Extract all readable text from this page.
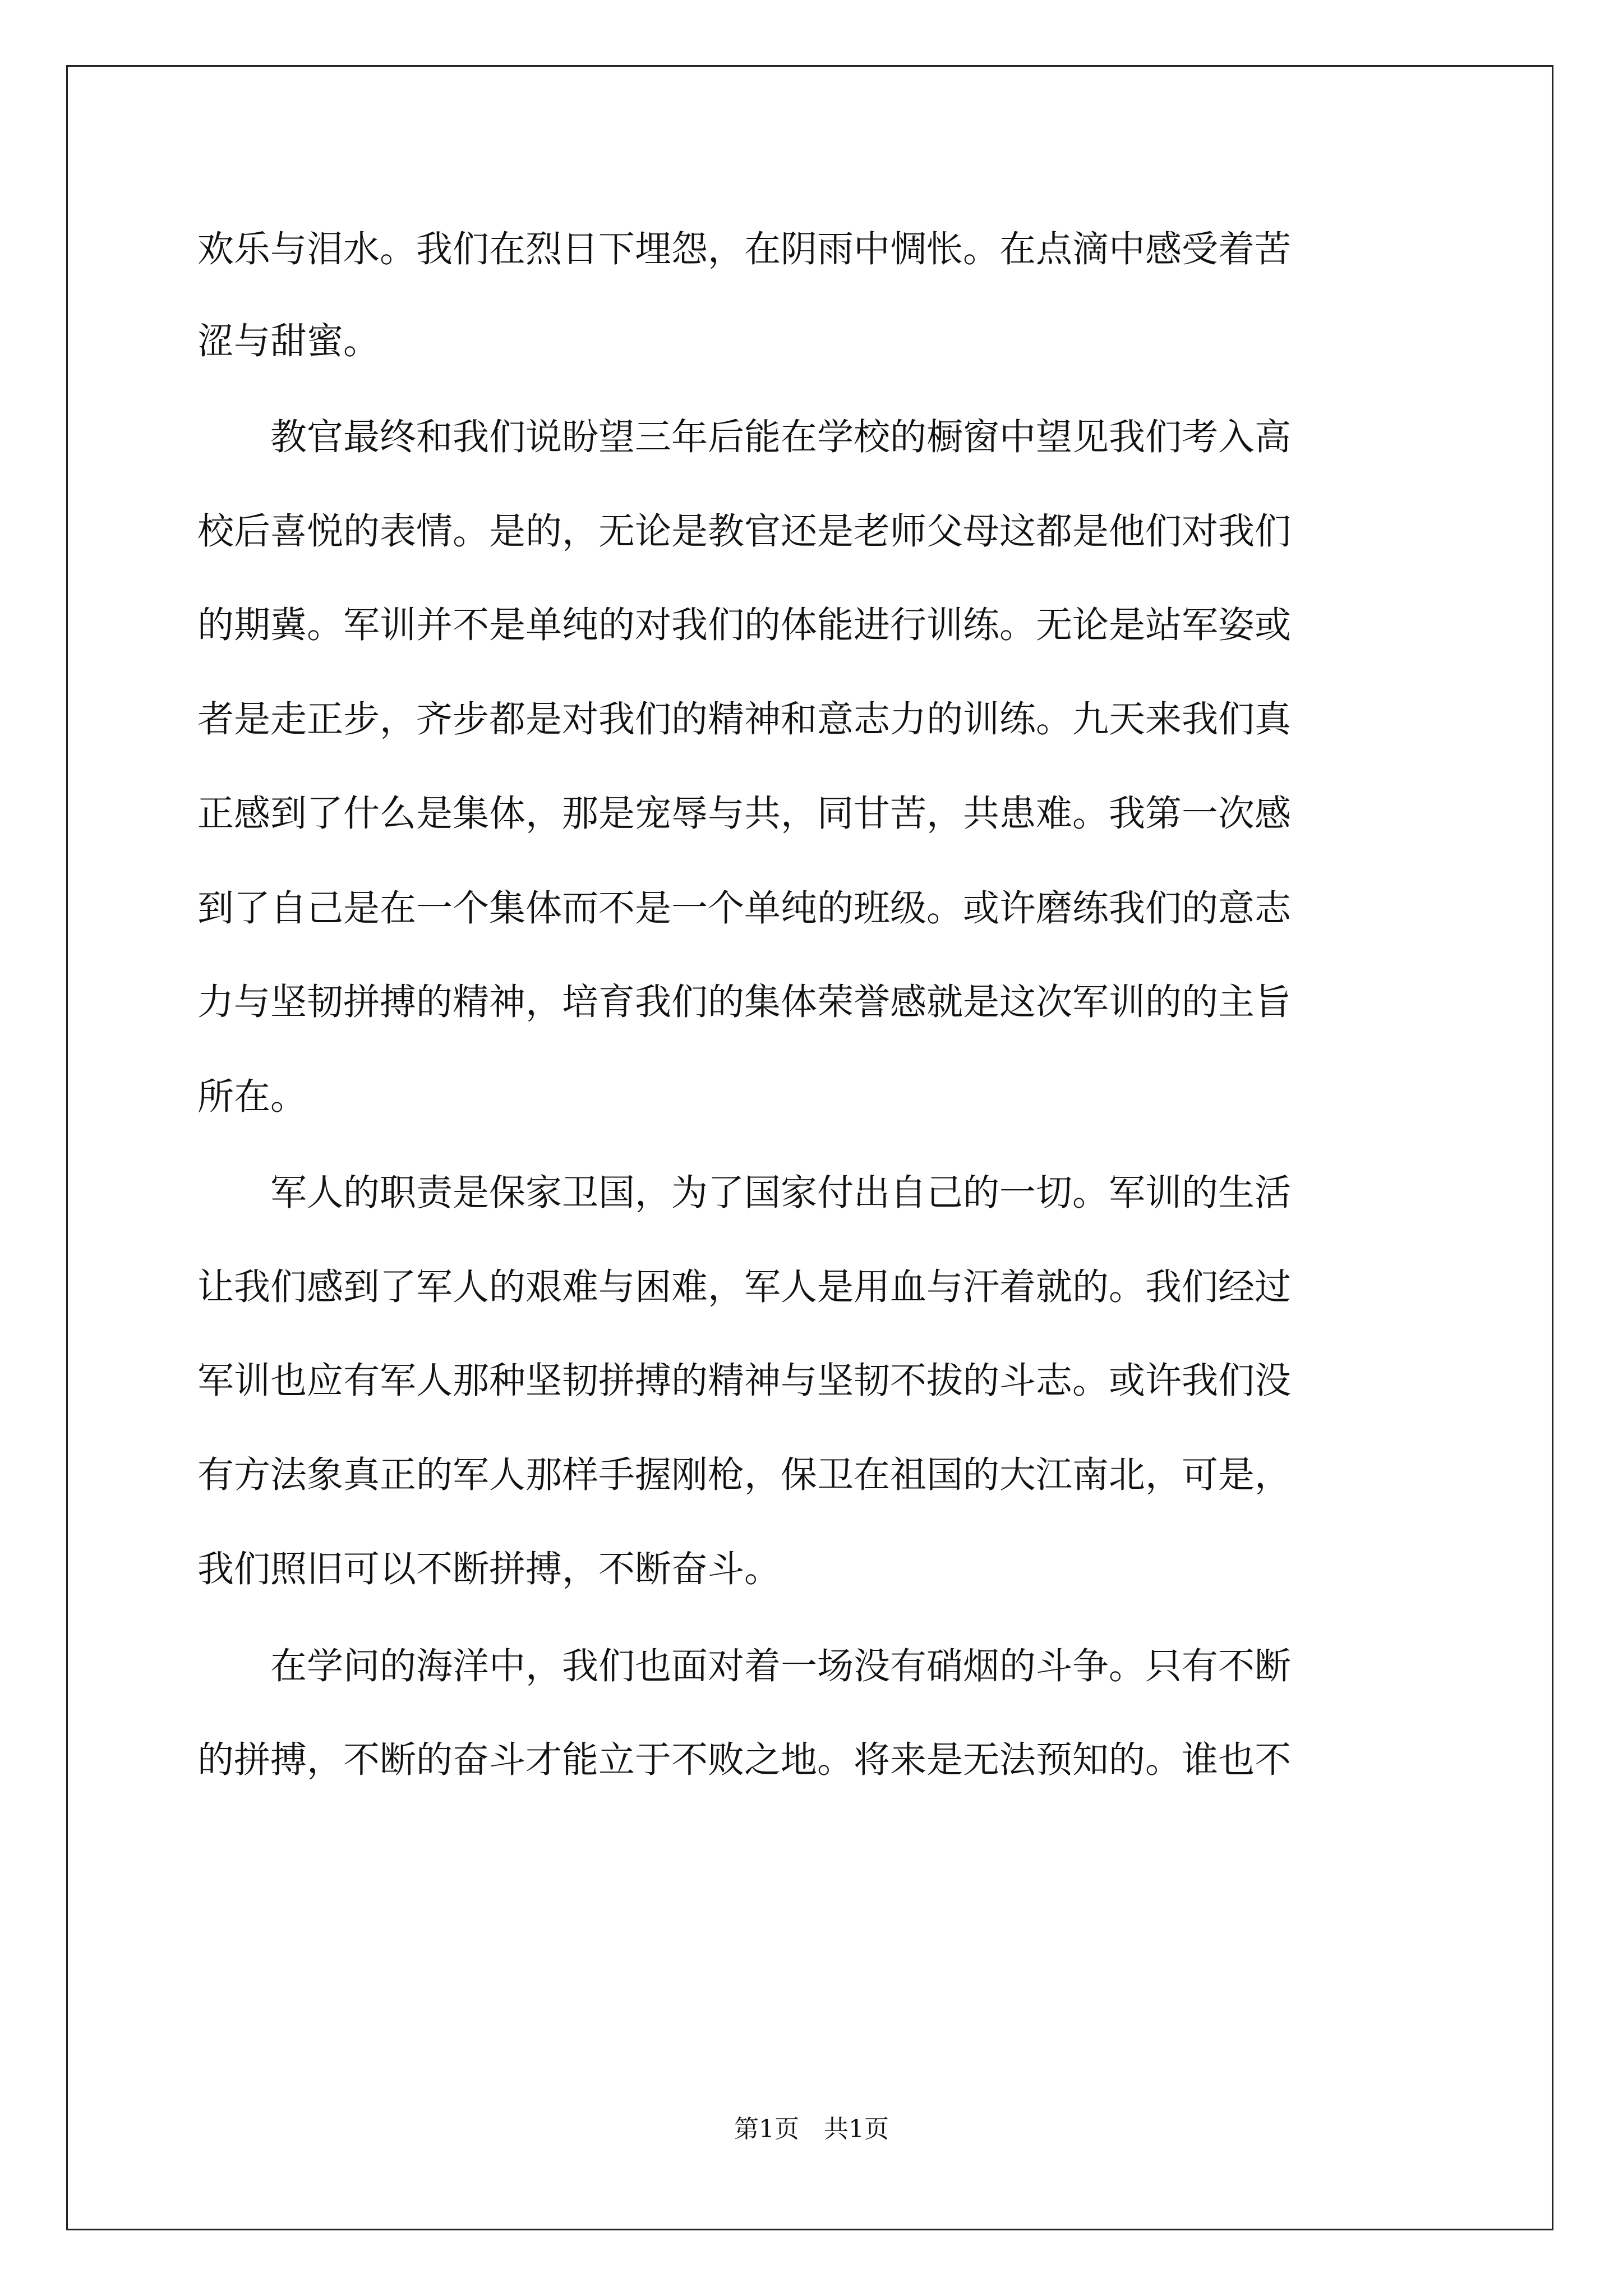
欢乐与泪水。我们在烈日下埋怨，在阴雨中惆怅。在点滴中感受着苦
涩与甜蜜。
　　教官最终和我们说盼望三年后能在学校的橱窗中望见我们考入高
校后喜悦的表情。是的，无论是教官还是老师父母这都是他们对我们
的期冀。军训并不是单纯的对我们的体能进行训练。无论是站军姿或
者是走正步，齐步都是对我们的精神和意志力的训练。九天来我们真
正感到了什么是集体，那是宠辱与共，同甘苦，共患难。我第一次感
到了自己是在一个集体而不是一个单纯的班级。或许磨练我们的意志
力与坚韧拼搏的精神，培育我们的集体荣誉感就是这次军训的的主旨
所在。
　　军人的职责是保家卫国，为了国家付出自己的一切。军训的生活
让我们感到了军人的艰难与困难，军人是用血与汗着就的。我们经过
军训也应有军人那种坚韧拼搏的精神与坚韧不拔的斗志。或许我们没
有方法象真正的军人那样手握刚枪，保卫在祖国的大江南北，可是，
我们照旧可以不断拼搏，不断奋斗。
　　在学问的海洋中，我们也面对着一场没有硝烟的斗争。只有不断
的拼搏，不断的奋斗才能立于不败之地。将来是无法预知的。谁也不
第1页　共1页
